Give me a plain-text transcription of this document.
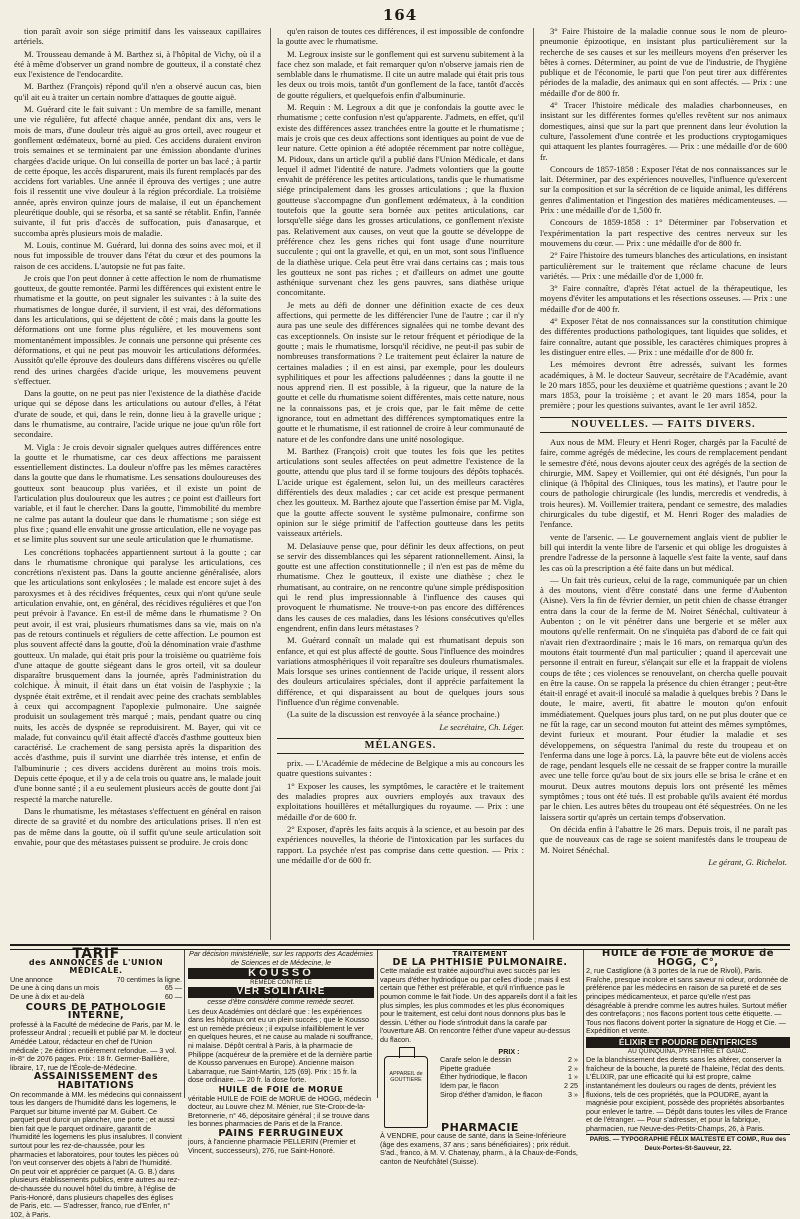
164

tion paraît avoir son siége primitif dans les vaisseaux capillaires artériels.

M. Trousseau demande à M. Barthez si, à l'hôpital de Vichy, où il a été à même d'observer un grand nombre de goutteux, il a constaté chez eux l'existence de l'endocardite.

M. Barthez (François) répond qu'il n'en a observé aucun cas, bien qu'il ait eu à traiter un certain nombre d'attaques de goutte aiguë.

M. Guérard cite le fait suivant : Un membre de sa famille, menant une vie régulière, fut affecté chaque année, pendant dix ans, vers le mois de mars, d'une douleur très aiguë au gros orteil, avec rougeur et gonflement œdémateux, borné au pied. Ces accidens duraient environ trois semaines et se terminaient par une émission abondante d'urines chargées d'acide urique. On lui conseilla de porter un bas lacé ; à partir de cette époque, les accès disparurent, mais ils furent remplacés par des accidens fort variables. Une année il éprouva des vertiges ; une autre fois il ressentit une vive douleur à la région précordiale. La troisième année, après environ quinze jours de malaise, il eut un épanchement pleurétique double, qui se résorba, et sa santé se rétablit. Enfin, l'année suivante, il fut pris d'accès de suffocation, puis d'anasarque, et succomba après plusieurs mois de maladie.

M. Louis, continue M. Guérard, lui donna des soins avec moi, et il nous fut impossible de trouver dans l'état du cœur et des poumons la raison de ces accidens. L'autopsie ne fut pas faite.

Je crois que l'on peut donner à cette affection le nom de rhumatisme goutteux, de goutte remontée. Parmi les différences qui existent entre le rhumatisme et la goutte, on peut signaler les suivantes : à la suite des rhumatismes de longue durée, il survient, il est vrai, des déformations dans les articulations, qui se déjettent de côté ; mais dans la goutte les déformations ont une forme plus régulière, et les mouvemens sont momentanément impossibles. Je connais une personne qui présente ces déformations, et qui ne peut pas mouvoir les articulations déformées. Aussitôt qu'elle éprouve des douleurs dans différens viscères ou qu'elle rend des urines chargées d'acide urique, les mouvemens peuvent s'effectuer.

Dans la goutte, on ne peut pas nier l'existence de la diathèse d'acide urique qui se dépose dans les articulations ou autour d'elles, à l'état d'urate de soude, et qui, dans le rein, donne lieu à la gravelle urique ; dans le rhumatisme, au contraire, l'acide urique ne joue qu'un rôle fort secondaire.

M. Vigla : Je crois devoir signaler quelques autres différences entre la goutte et le rhumatisme, car ces deux affections me paraissent essentiellement distinctes. La douleur n'offre pas les mêmes caractères dans la goutte que dans le rhumatisme. Les sensations douloureuses des goutteux sont beaucoup plus variées, et il existe un point de l'articulation plus douloureux que les autres ; ce point est d'ailleurs fort variable, et il faut le chercher. Dans la goutte, l'immobilité du membre ne calme pas autant la douleur que dans le rhumatisme ; son siége est plus fixe ; quand elle envahit une grosse articulation, elle ne voyage pas et se limite plus souvent sur une seule articulation que le rhumatisme.

Les concrétions tophacées appartiennent surtout à la goutte ; car dans le rhumatisme chronique qui paralyse les articulations, ces concrétions n'existent pas. Dans la goutte ancienne généralisée, alors que les articulations sont enkylosées ; le malade est encore sujet à des paroxysmes et à des récidives fréquentes, ceux qui n'ont qu'une seule articulation envahie, ont, en général, des récidives régulières et que l'on peut prévoir à l'avance. En est-il de même dans le rhumatisme ? On peut avoir, il est vrai, plusieurs rhumatismes dans sa vie, mais on n'a pas de retours continuels et réguliers de cette affection. Le poumon est plus souvent affecté dans la goutte, d'où la dénomination vraie d'asthme goutteux. Un malade, qui était pris pour la troisième ou quatrième fois d'une attaque de goutte siégeant dans le gros orteil, vit sa douleur disparaître brusquement dans la journée, après l'administration du colchique. À minuit, il était dans un état voisin de l'asphyxie ; la dyspnée était extrême, et il rendait avec peine des crachats semblables à ceux qui accompagnent l'apoplexie pulmonaire. Une saignée produisit un soulagement très marqué ; mais, pendant quatre ou cinq nuits, les accès de dyspnée se reproduisirent. M. Bayer, qui vit ce malade, fut convaincu qu'il était affecté d'accès d'asthme goutteux bien caractérisé. Le crachement de sang persista après la disparition des accès d'asthme, puis il survint une diarrhée très intense, et enfin de l'albuminurie ; ces divers accidens durèrent au moins trois mois. Depuis cette époque, et il y a de cela trois ou quatre ans, le malade jouit d'une bonne santé ; il a eu seulement plusieurs accès de goutte dont j'ai respecté la marche naturelle.

Dans le rhumatisme, les métastases s'effectuent en général en raison directe de sa gravité et du nombre des articulations prises. Il n'en est pas de même dans la goutte, où il suffit qu'une seule articulation soit envahie, pour que des métastases puissent se produire. Je crois donc

qu'en raison de toutes ces différences, il est impossible de confondre la goutte avec le rhumatisme.

M. Legroux insiste sur le gonflement qui est survenu subitement à la face chez son malade, et fait remarquer qu'on n'observe jamais rien de semblable dans le rhumatisme. Il cite un autre malade qui était pris tous les deux ou trois mois, tantôt d'un gonflement de la face, tantôt d'accès de goutte réguliers, et quelquefois enfin d'albuminurie.

M. Requin : M. Legroux a dit que je confondais la goutte avec le rhumatisme ; cette confusion n'est qu'apparente. J'admets, en effet, qu'il existe des différences assez tranchées entre la goutte et le rhumatisme ; mais je crois que ces deux affections sont identiques au point de vue de leur nature. Cette opinion a été adoptée récemment par notre collègue, M. Pidoux, dans un article qu'il a publié dans l'Union Médicale, et dans lequel il admet l'identité de nature. J'admets volontiers que la goutte envahit de préférence les petites articulations, tandis que le rhumatisme siége principalement dans les grosses articulations ; que la fluxion goutteuse s'accompagne d'un gonflement œdémateux, à la condition toutefois que la goutte sera bornée aux petites articulations, car lorsqu'elle siége dans les grosses articulations, ce gonflement n'existe pas. Relativement aux causes, on veut que la goutte se développe de préférence chez les gens riches qui font usage d'une nourriture succulente ; qui ont la gravelle, et qui, en un mot, sont sous l'influence de la diathèse urique. Cela peut être vrai dans certains cas ; mais tous les goutteux ne sont pas riches ; et d'ailleurs on admet une goutte asthénique survenant chez les gens pauvres, sans diathèse urique concomitante.

Je mets au défi de donner une définition exacte de ces deux affections, qui permette de les différencier l'une de l'autre ; car il n'y aura pas une seule des différences signalées qui ne tombe devant des cas exceptionnels. On insiste sur le retour fréquent et périodique de la goutte ; mais le rhumatisme, lorsqu'il récidive, ne peut-il pas subir de nombreuses transformations ? Le traitement peut éclairer la nature de certaines maladies ; il en est ainsi, par exemple, pour les douleurs syphilitiques et pour les affections paludéennes ; dans la goutte il ne nous apprend rien. Il est possible, à la rigueur, que la nature de la goutte et celle du rhumatisme soient différentes, mais cette nature, nous ne la connaissons pas, et je crois que, par le fait même de cette ignorance, tout en admettant des différences symptomatiques entre la goutte et le rhumatisme, il est rationnel de croire à leur communauté de nature et de les confondre dans une unité nosologique.

M. Barthez (François) croit que toutes les fois que les petites articulations sont seules affectées on peut admettre l'existence de la goutte, attendu que plus tard il se forme toujours des dépôts tophacés. L'acide urique est également, selon lui, un des meilleurs caractères différentiels des deux maladies ; car cet acide est presque permanent chez les goutteux. M. Barthez ajoute que l'assertion émise par M. Vigla, que la goutte affecte souvent le système pulmonaire, confirme son opinion sur le siége primitif de l'affection goutteuse dans les petits vaisseaux artériels.

M. Delasiauve pense que, pour définir les deux affections, on peut se servir des dissemblances qui les séparent rationnellement. Ainsi, la goutte est une affection constitutionnelle ; il n'en est pas de même du rhumatisme. Chez le goutteux, il existe une diathèse ; chez le rhumatisant, au contraire, on ne rencontre qu'une simple prédisposition qui le rend plus impressionnable à l'influence des causes qui provoquent le rhumatisme. Ne trouve-t-on pas encore des différences dans les causes de ces maladies, dans les lésions consécutives qu'elles engendrent, enfin dans leurs métastases ?

M. Guérard connaît un malade qui est rhumatisant depuis son enfance, et qui est plus affecté de goutte. Sous l'influence des moindres variations atmosphériques il voit reparaître ses douleurs rhumatismales. Mais lorsque ses urines contiennent de l'acide urique, il ressent alors des douleurs articulaires spéciales, dont il apprécie parfaitement la différence, et qui disparaissent au bout de quelques jours sous l'influence d'un régime convenable.

(La suite de la discussion est renvoyée à la séance prochaine.)

Le secrétaire, Ch. Léger.
MÉLANGES.

prix. — L'Académie de médecine de Belgique a mis au concours les quatre questions suivantes :

1° Exposer les causes, les symptômes, le caractère et le traitement des maladies propres aux ouvriers employés aux travaux des exploitations houillères et métallurgiques du royaume. — Prix : une médaille d'or de 600 fr.

2° Exposer, d'après les faits acquis à la science, et au besoin par des expériences nouvelles, la théorie de l'intoxication par les surfaces du rapport. La psychée n'est pas comprise dans cette question. — Prix : une médaille d'or de 600 fr.

3° Faire l'histoire de la maladie connue sous le nom de pleuro-pneumonie épizootique, en insistant plus particulièrement sur la recherche de ses causes et sur les meilleurs moyens d'en préserver les bêtes à cornes. Déterminer, au point de vue de l'industrie, de l'hygiène publique et de l'économie, le parti que l'on peut tirer aux différentes périodes de la maladie, des animaux qui en sont affectés. — Prix : une médaille d'or de 800 fr.

4° Tracer l'histoire médicale des maladies charbonneuses, en insistant sur les différentes formes qu'elles revêtent sur nos animaux domestiques, ainsi que sur la part que prennent dans leur évolution la culture, l'assolement d'une contrée et les productions cryptogamiques qui attaquent les plantes fourragères. — Prix : une médaille d'or de 600 fr.

Concours de 1857-1858 : Exposer l'état de nos connaissances sur le lait. Déterminer, par des expériences nouvelles, l'influence qu'exercent sur la composition et sur la sécrétion de ce liquide animal, les différens genres d'alimentation et l'ingestion des matières médicamenteuses. — Prix : une médaille d'or de 1,500 fr.

Concours de 1859-1858 : 1° Déterminer par l'observation et l'expérimentation la part respective des centres nerveux sur les mouvemens du cœur. — Prix : une médaille d'or de 800 fr.

2° Faire l'histoire des tumeurs blanches des articulations, en insistant particulièrement sur le traitement que réclame chacune de leurs variétés. — Prix : une médaille d'or de 1,000 fr.

3° Faire connaître, d'après l'état actuel de la thérapeutique, les moyens d'éviter les amputations et les résections osseuses. — Prix : une médaille d'or de 400 fr.

4° Exposer l'état de nos connaissances sur la constitution chimique des différentes productions pathologiques, tant liquides que solides, et faire connaître, autant que possible, les caractères chimiques propres à les distinguer entre elles. — Prix : une médaille d'or de 800 fr.

Les mémoires devront être adressés, suivant les formes académiques, à M. le docteur Sauveur, secrétaire de l'Académie, avant le 20 mars 1855, pour les deuxième et quatrième questions ; avant le 20 mars 1853, pour la troisième ; et avant le 20 mars 1854, pour la première ; pour les questions suivantes, avant le 1er avril 1852.

NOUVELLES. — FAITS DIVERS.

Aux nous de MM. Fleury et Henri Roger, chargés par la Faculté de faire, comme agrégés de médecine, les cours de remplacement pendant le semestre d'été, nous devons ajouter ceux des agrégés de la section de chirurgie, MM. Sapey et Voillemier, qui ont été désignés, l'un pour la clinique (à l'hôpital des Cliniques, tous les matins), et l'autre pour le cours de pathologie chirurgicale (les lundis, mercredis et vendredis, à trois heures). M. Voillemier traitera, pendant ce semestre, des maladies chirurgicales du tube digestif, et M. Henri Roger des maladies de l'enfance.

vente de l'arsenic. — Le gouvernement anglais vient de publier le bill qui interdit la vente libre de l'arsenic et qui oblige les droguistes à prendre l'adresse de la personne à laquelle s'est faite la vente, sauf dans les cas où la prescription a été faite dans un but médical.

— Un fait très curieux, celui de la rage, communiquée par un chien à des moutons, vient d'être constaté dans une ferme d'Aubenton (Aisne). Vers la fin de février dernier, un petit chien de chasse étranger entra dans la cour de la ferme de M. Noiret Sénéchal, cultivateur à Aubenton ; on le vit pénétrer dans une bergerie et se mêler aux moutons qu'elle renfermait. On ne s'inquiéta pas d'abord de ce fait qui n'avait rien d'extraordinaire ; mais le 16 mars, on remarqua qu'un des moutons était tourmenté d'un mal particulier ; quand il apercevait une personne il entrait en fureur, s'élançait sur elle et la frappait de violens coups de tête ; ces violences se renouvelant, on chercha quelle pouvait en être la cause. On se rappela la présence du chien étranger ; peut-être était-il enragé et avait-il inoculé sa maladie à quelques brebis ? Dans le doute, le maire, averti, fit abattre le mouton qu'on enfouit immédiatement. Quelques jours plus tard, on ne put plus douter que ce ne fût la rage, car un second mouton fut atteint des mêmes symptômes, devint furieux et mourant. Pour étudier la maladie et ses développemens, on séquestra l'animal du reste du troupeau et on l'enferma dans une loge à porcs. Là, la pauvre bête eut de violens accès de rage, pendant lesquels elle ne cessait de se frapper contre la muraille avec une telle force qu'au bout de six jours elle se brisa le crâne et en mourut. Deux autres moutons depuis lors ont présenté les mêmes symptômes ; tous ont été tués. Il est probable qu'ils avaient été mordus par le chien. Les autres bêtes du troupeau ont été séquestrées. On ne les laissera sortir qu'après un certain temps d'observation.

On décida enfin à l'abattre le 26 mars. Depuis trois, il ne paraît pas que de nouveaux cas de rage se soient manifestés dans le troupeau de M. Noiret Sénéchal.

Le gérant, G. Richelot.
TARIF
des ANNONCES de L'UNION MÉDICALE.
Une annonce	70 centimes la ligne.
De une à cinq dans un mois	65 —
De une à dix et au-delà	60 —
COURS DE PATHOLOGIE INTERNE,

professé à la Faculté de médecine de Paris, par M. le professeur Andral ; recueilli et publié par M. le docteur Amédée Latour, rédacteur en chef de l'Union médicale ; 2e édition entièrement refondue. — 3 vol. in-8° de 2076 pages. Prix : 18 fr. Germer-Baillière, libraire, 17, rue de l'École-de-Médecine.

ASSAINISSEMENT des HABITATIONS

On recommande à MM. les médecins qui connaissent tous les dangers de l'humidité dans les logemens, le Parquet sur bitume inventé par M. Guibert. Ce parquet peut durcir un plancher, une porte ; et aussi bien fait que le parquet ordinaire, garantit de l'humidité les logemens les plus insalubres. Il convient surtout pour les rez-de-chaussée, pour les pharmacies et laboratoires, pour toutes les pièces où l'on veut conserver des objets à l'abri de l'humidité. On peut voir et apprécier ce parquet (A. G. B.) dans plusieurs établissements publics, entre autres au rez-de-chaussée du nouvel hôtel du timbre, à l'église de Paris-Honoré, dans plusieurs chapelles des églises de Paris, etc. — S'adresser, franco, rue d'Enfer, n° 102, à Paris.

Par décision ministérielle, sur les rapports des Académies de Sciences et de Médecine, le

KOUSSO
REMÈDE CONTRE LE
VER SOLITAIRE

cesse d'être considéré comme remède secret.

Les deux Académies ont déclaré que : les expériences dans les hôpitaux ont eu un plein succès ; que le Kousso est un remède précieux ; il expulse infailliblement le ver en quelques heures, et ne cause au malade ni souffrance, ni malaise. Dépôt central à Paris, à la pharmacie de Philippe (acquéreur de la première et de la dernière partie de Kousso parvenues en Europe). Ancienne maison Labarraque, rue Saint-Martin, 125 (69). Prix : 15 fr. la dose ordinaire. — 20 fr. la dose forte.

HUILE de FOIE de MORUE

véritable HUILE de FOIE de MORUE de HOGG, médecin docteur, au Louvre chez M. Ménier, rue Ste-Croix-de-la-Bretonnerie, n° 46, dépositaire général ; il se trouve dans les bonnes pharmacies de Paris et de la France.

PAINS FERRUGINEUX

jours, à l'ancienne pharmacie PELLERIN (Premier et Vincent, successeurs), 276, rue Saint-Honoré.

TRAITEMENT
DE LA PHTHISIE PULMONAIRE.

Cette maladie est traitée aujourd'hui avec succès par les vapeurs d'éther hydriodique ou par celles d'iode ; mais il est certain que l'éther est préférable, et qu'il n'influence pas le poumon comme le fait l'iode. Un des appareils dont il a fait les plus simples, les plus commodes et les plus économiques pour le traitement, est celui dont nous donnons plus bas le dessin. L'éther ou l'iode s'introduit dans la carafe par l'ouverture AB. On rencontre l'éther d'une vapeur au-dessus du flacon.

APPAREIL de GOUTTIERE
PRIX :
Carafe selon le dessin	2 »
Pipette graduée	2 »
Éther hydriodique, le flacon	1 »
Idem par, le flacon	2 25
Sirop d'éther d'amidon, le flacon	3 »
PHARMACIE

À VENDRE, pour cause de santé, dans la Seine-Inférieure (âge des examens, 37 ans ; sans bénéficiaires) ; prix réduit. S'ad., franco, à M. V. Chatenay, pharm., à la Chaux-de-Fonds, canton de Neufchâtel (Suisse).

HUILE de FOIE de MORUE de HOGG, C°,

2, rue Castiglione (à 3 portes de la rue de Rivoli), Paris. Fraîche, presque incolore et sans saveur ni odeur, ordonnée de préférence par les médecins en raison de sa pureté et de ses principes médicamenteux, et parce qu'elle n'est pas désagréable à prendre comme les autres huiles. Surtout méfier des contrefaçons ; nos flacons portent tous cette étiquette. — Tous nos flacons doivent porter la signature de Hogg et Cie. — Expédition et vente.

ÉLIXIR ET POUDRE DENTIFRICES
AU QUINQUINA, PYRÈTHRE ET GAÏAC.

De la blanchissement des dents sans les altérer, conserver la fraîcheur de la bouche, la pureté de l'haleine, l'éclat des dents. L'ÉLIXIR, par une efficacité qui lui est propre, calme instantanément les douleurs ou rages de dents, prévient les fluxions, tels de ces propriétés, que la POUDRE, ayant la magnésie pour excipient, possède des propriétés absorbantes pour enlever le tartre. — Dépôt dans toutes les villes de France et de l'étranger. — Pour s'adresser, et pour la fabrique, pharmacien, rue Neuve-des-Petits-Champs, 26, à Paris.

PARIS. — TYPOGRAPHIE FÉLIX MALTESTE ET COMP., Rue des Deux-Portes-St-Sauveur, 22.
